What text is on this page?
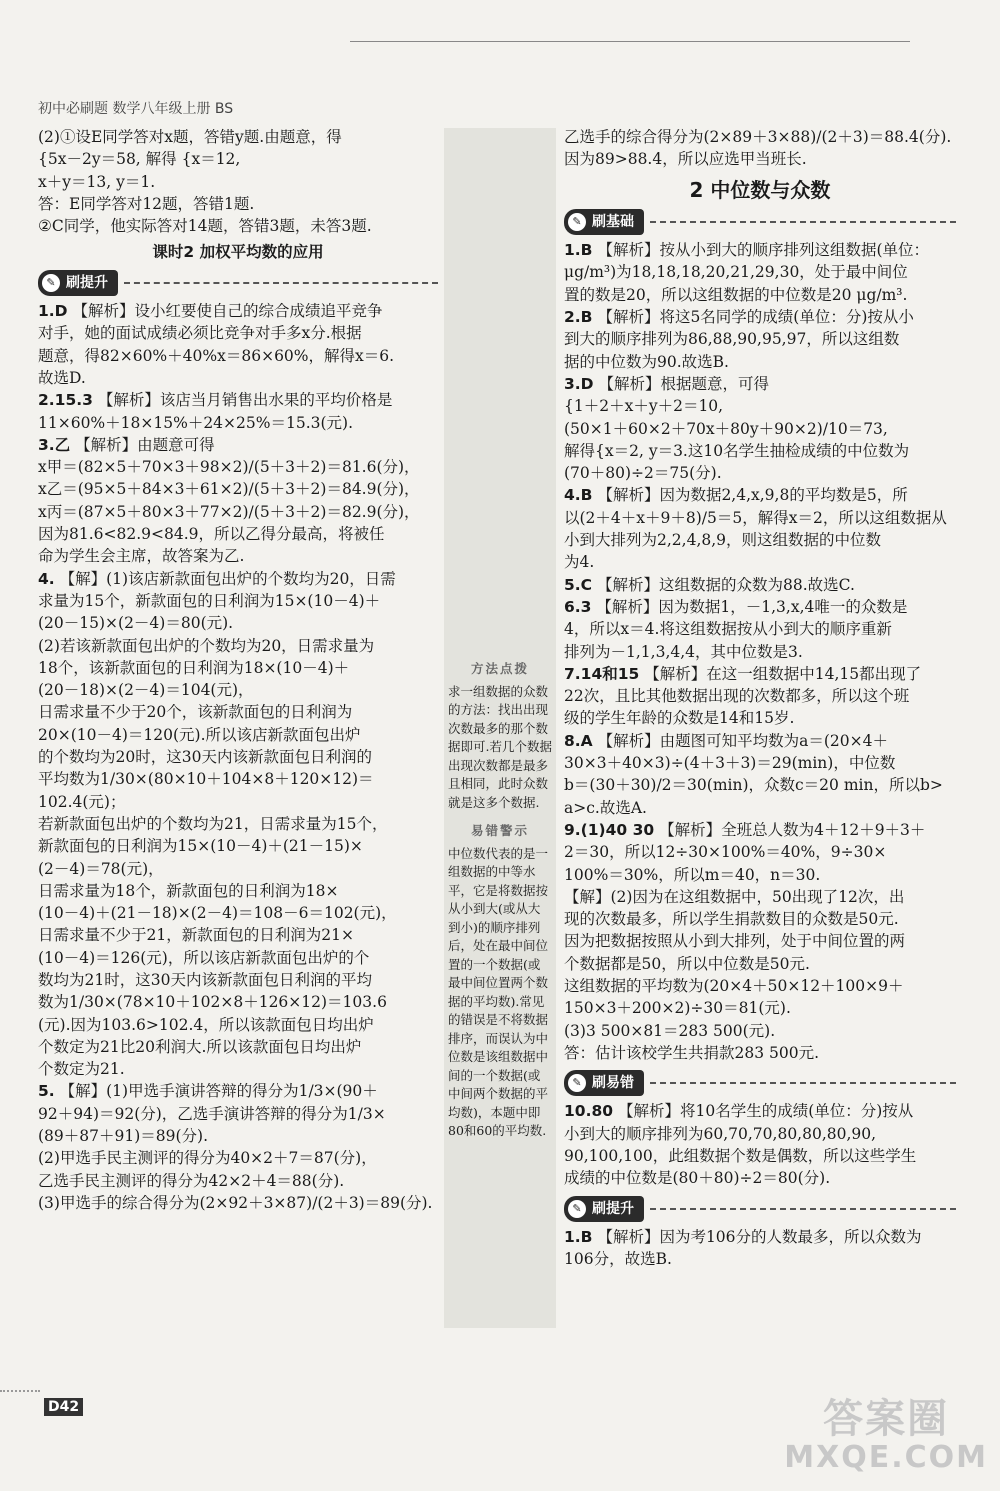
初中必刷题 数学八年级上册 BS
方法点拨
求一组数据的众数的方法：找出出现次数最多的那个数据即可.若几个数据出现次数都是最多且相同，此时众数就是这多个数据.
易错警示
中位数代表的是一组数据的中等水平，它是将数据按从小到大(或从大到小)的顺序排列后，处在最中间位置的一个数据(或最中间位置两个数据的平均数).常见的错误是不将数据排序，而误认为中位数是该组数据中间的一个数据(或中间两个数据的平均数)，本题中即80和60的平均数.
(2)①设E同学答对x题，答错y题.由题意，得
{5x－2y＝58, 解得 {x＝12,
x＋y＝13, y＝1.
答：E同学答对12题，答错1题.
②C同学，他实际答对14题，答错3题，未答3题.
课时2 加权平均数的应用
✎ 刷提升
1.D 【解析】设小红要使自己的综合成绩追平竞争
对手，她的面试成绩必须比竞争对手多x分.根据
题意，得82×60%＋40%x＝86×60%，解得x＝6.
故选D.
2.15.3 【解析】该店当月销售出水果的平均价格是
11×60%＋18×15%＋24×25%＝15.3(元).
3.乙 【解析】由题意可得
x甲＝(82×5＋70×3＋98×2)/(5＋3＋2)＝81.6(分)，
x乙＝(95×5＋84×3＋61×2)/(5＋3＋2)＝84.9(分)，
x丙＝(87×5＋80×3＋77×2)/(5＋3＋2)＝82.9(分)，
因为81.6<82.9<84.9，所以乙得分最高，将被任
命为学生会主席，故答案为乙.
4. 【解】(1)该店新款面包出炉的个数均为20，日需
求量为15个，新款面包的日利润为15×(10－4)＋
(20－15)×(2－4)＝80(元).
(2)若该新款面包出炉的个数均为20，日需求量为
18个，该新款面包的日利润为18×(10－4)＋
(20－18)×(2－4)＝104(元)，
日需求量不少于20个，该新款面包的日利润为
20×(10－4)＝120(元).所以该店新款面包出炉
的个数均为20时，这30天内该新款面包日利润的
平均数为1/30×(80×10＋104×8＋120×12)＝
102.4(元)；
若新款面包出炉的个数均为21，日需求量为15个，
新款面包的日利润为15×(10－4)＋(21－15)×
(2－4)＝78(元)，
日需求量为18个，新款面包的日利润为18×
(10－4)＋(21－18)×(2－4)＝108－6＝102(元)，
日需求量不少于21，新款面包的日利润为21×
(10－4)＝126(元)，所以该店新款面包出炉的个
数均为21时，这30天内该新款面包日利润的平均
数为1/30×(78×10＋102×8＋126×12)＝103.6
(元).因为103.6>102.4，所以该款面包日均出炉
个数定为21比20利润大.所以该款面包日均出炉
个数定为21.
5. 【解】(1)甲选手演讲答辩的得分为1/3×(90＋
92＋94)＝92(分)，乙选手演讲答辩的得分为1/3×
(89＋87＋91)＝89(分).
(2)甲选手民主测评的得分为40×2＋7＝87(分)，
乙选手民主测评的得分为42×2＋4＝88(分).
(3)甲选手的综合得分为(2×92＋3×87)/(2＋3)＝89(分).
乙选手的综合得分为(2×89＋3×88)/(2＋3)＝88.4(分).
因为89>88.4，所以应选甲当班长.
2 中位数与众数
✎ 刷基础
1.B 【解析】按从小到大的顺序排列这组数据(单位：
μg/m³)为18,18,18,20,21,29,30，处于最中间位
置的数是20，所以这组数据的中位数是20 μg/m³.
2.B 【解析】将这5名同学的成绩(单位：分)按从小
到大的顺序排列为86,88,90,95,97，所以这组数
据的中位数为90.故选B.
3.D 【解析】根据题意，可得
{1＋2＋x＋y＋2＝10,
(50×1＋60×2＋70x＋80y＋90×2)/10＝73,
解得{x＝2, y＝3.这10名学生抽检成绩的中位数为
(70＋80)÷2＝75(分).
4.B 【解析】因为数据2,4,x,9,8的平均数是5，所
以(2＋4＋x＋9＋8)/5＝5，解得x＝2，所以这组数据从
小到大排列为2,2,4,8,9，则这组数据的中位数
为4.
5.C 【解析】这组数据的众数为88.故选C.
6.3 【解析】因为数据1，－1,3,x,4唯一的众数是
4，所以x＝4.将这组数据按从小到大的顺序重新
排列为－1,1,3,4,4，其中位数是3.
7.14和15 【解析】在这一组数据中14,15都出现了
22次，且比其他数据出现的次数都多，所以这个班
级的学生年龄的众数是14和15岁.
8.A 【解析】由题图可知平均数为a＝(20×4＋
30×3＋40×3)÷(4＋3＋3)＝29(min)，中位数
b＝(30＋30)/2＝30(min)，众数c＝20 min，所以b>
a>c.故选A.
9.(1)40 30 【解析】全班总人数为4＋12＋9＋3＋
2＝30，所以12÷30×100%＝40%，9÷30×
100%＝30%，所以m＝40，n＝30.
【解】(2)因为在这组数据中，50出现了12次，出
现的次数最多，所以学生捐款数目的众数是50元.
因为把数据按照从小到大排列，处于中间位置的两
个数据都是50，所以中位数是50元.
这组数据的平均数为(20×4＋50×12＋100×9＋
150×3＋200×2)÷30＝81(元).
(3)3 500×81＝283 500(元).
答：估计该校学生共捐款283 500元.
✎ 刷易错
10.80 【解析】将10名学生的成绩(单位：分)按从
小到大的顺序排列为60,70,70,80,80,80,90,
90,100,100，此组数据个数是偶数，所以这些学生
成绩的中位数是(80＋80)÷2＝80(分).
✎ 刷提升
1.B 【解析】因为考106分的人数最多，所以众数为
106分，故选B.
D42	答案圈
MXQE.COM
